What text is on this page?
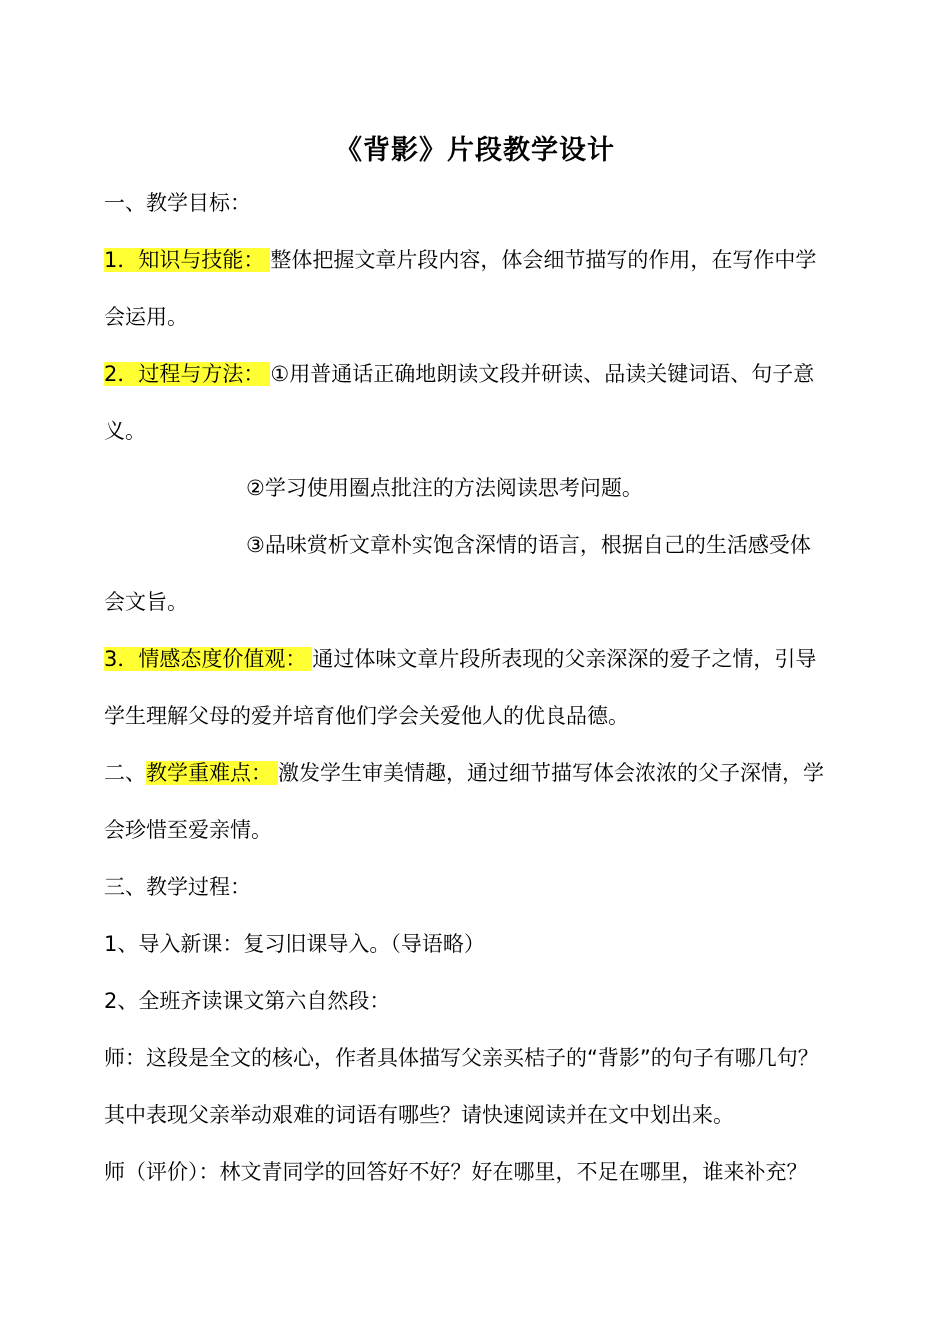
《背影》片段教学设计

一、教学目标：

1．知识与技能： 整体把握文章片段内容，体会细节描写的作用，在写作中学

会运用。

2．过程与方法： ①用普通话正确地朗读文段并研读、品读关键词语、句子意

义。

②学习使用圈点批注的方法阅读思考问题。

③品味赏析文章朴实饱含深情的语言，根据自己的生活感受体

会文旨。

3．情感态度价值观： 通过体味文章片段所表现的父亲深深的爱子之情，引导

学生理解父母的爱并培育他们学会关爱他人的优良品德。

二、教学重难点： 激发学生审美情趣，通过细节描写体会浓浓的父子深情，学

会珍惜至爱亲情。

三、教学过程：

1、导入新课：复习旧课导入。（导语略）

2、全班齐读课文第六自然段：

师：这段是全文的核心，作者具体描写父亲买桔子的“背影”的句子有哪几句？

其中表现父亲举动艰难的词语有哪些？请快速阅读并在文中划出来。

师（评价）：林文青同学的回答好不好？好在哪里，不足在哪里，谁来补充？
